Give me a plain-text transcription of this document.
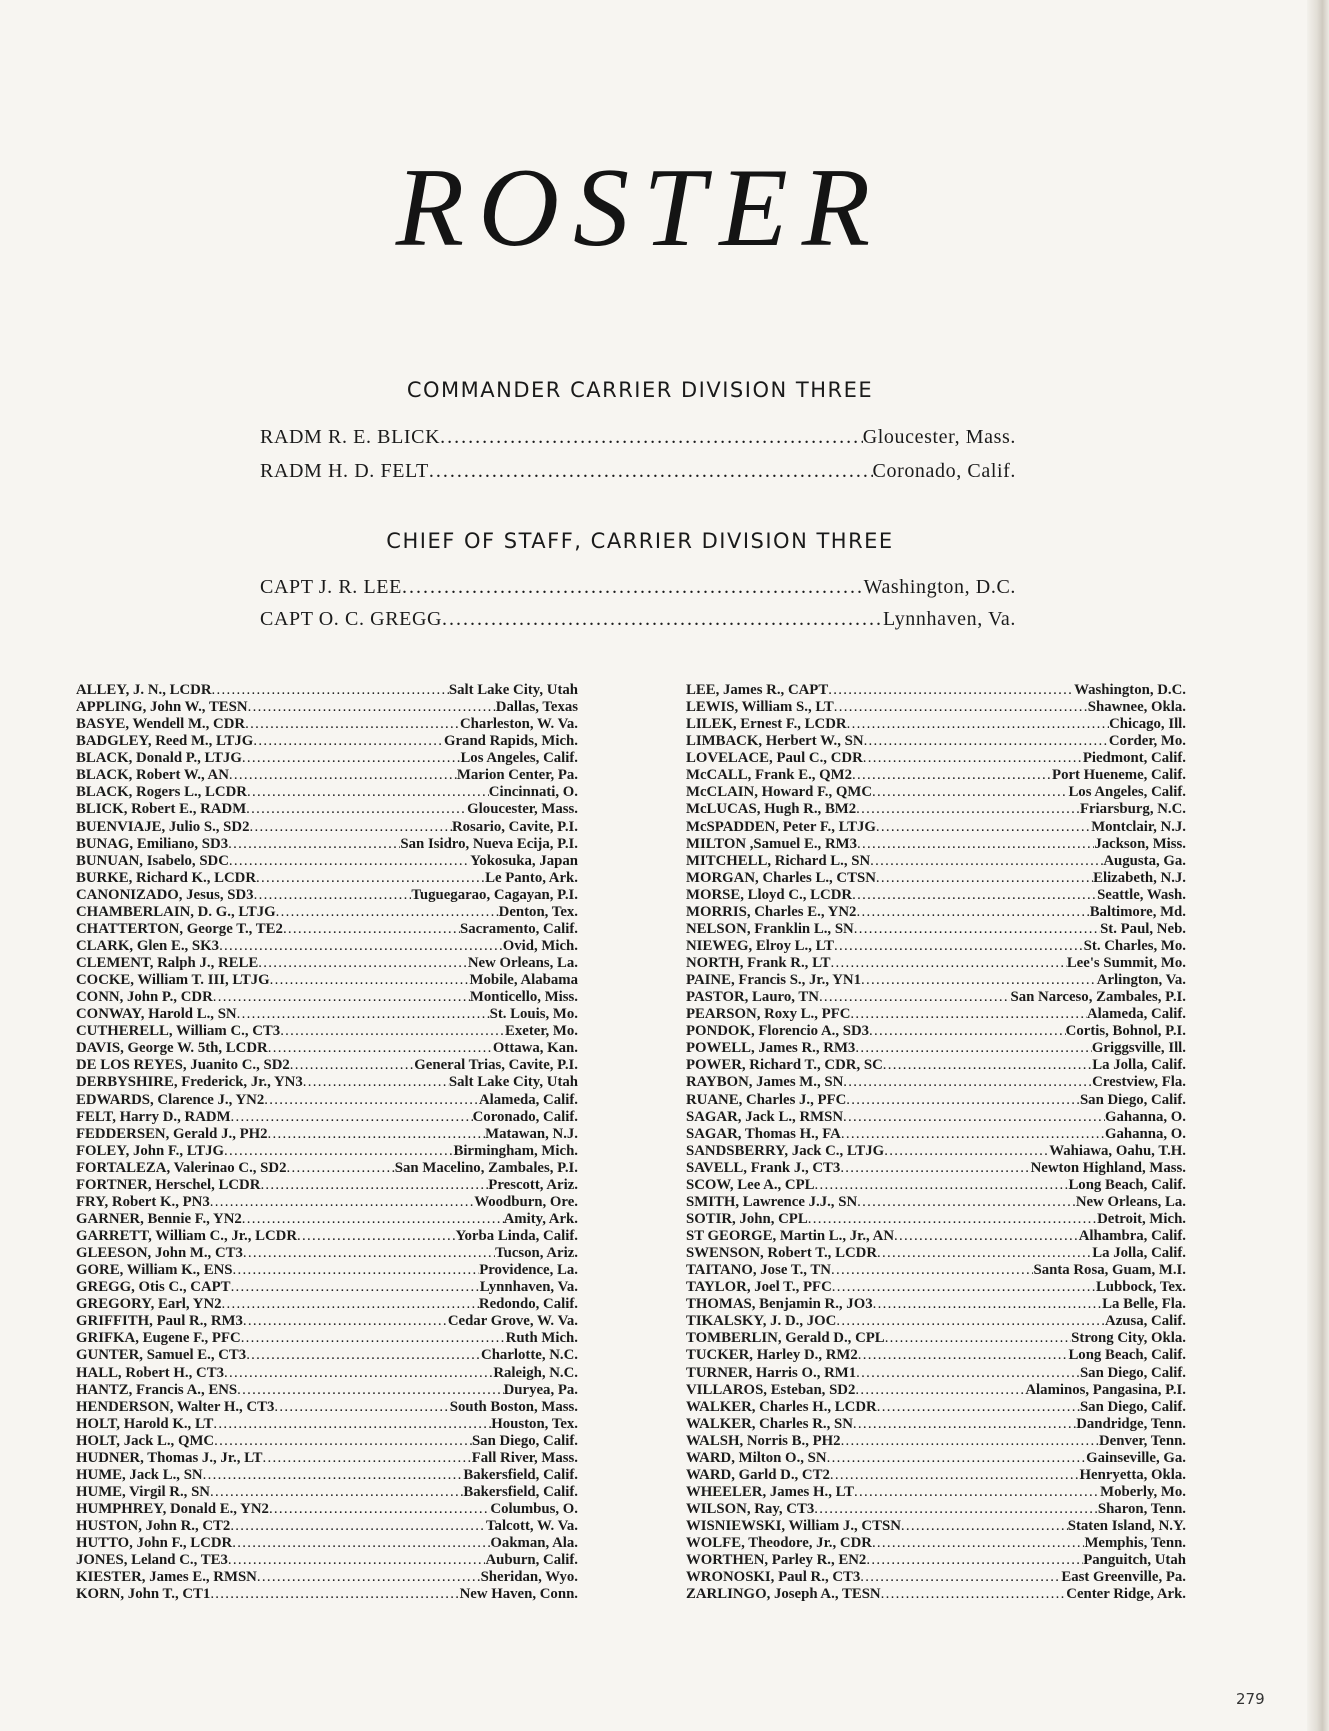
ROSTER
COMMANDER CARRIER DIVISION THREE
RADM R. E. BLICK .....	Gloucester, Mass.
RADM H. D. FELT .....	Coronado, Calif.
CHIEF OF STAFF, CARRIER DIVISION THREE
CAPT J. R. LEE .....	Washington, D.C.
CAPT O. C. GREGG .....	Lynnhaven, Va.
ALLEY, J. N., LCDR .....	Salt Lake City, Utah
APPLING, John W., TESN .....	Dallas, Texas
BASYE, Wendell M., CDR .....	Charleston, W. Va.
BADGLEY, Reed M., LTJG .....	Grand Rapids, Mich.
BLACK, Donald P., LTJG .....	Los Angeles, Calif.
BLACK, Robert W., AN .....	Marion Center, Pa.
BLACK, Rogers L., LCDR .....	Cincinnati, O.
BLICK, Robert E., RADM .....	Gloucester, Mass.
BUENVIAJE, Julio S., SD2 .....	Rosario, Cavite, P.I.
BUNAG, Emiliano, SD3 .....	San Isidro, Nueva Ecija, P.I.
BUNUAN, Isabelo, SDC .....	Yokosuka, Japan
BURKE, Richard K., LCDR .....	Le Panto, Ark.
CANONIZADO, Jesus, SD3 .....	Tuguegarao, Cagayan, P.I.
CHAMBERLAIN, D. G., LTJG .....	Denton, Tex.
CHATTERTON, George T., TE2 .....	Sacramento, Calif.
CLARK, Glen E., SK3 .....	Ovid, Mich.
CLEMENT, Ralph J., RELE .....	New Orleans, La.
COCKE, William T. III, LTJG .....	Mobile, Alabama
CONN, John P., CDR .....	Monticello, Miss.
CONWAY, Harold L., SN .....	St. Louis, Mo.
CUTHERELL, William C., CT3 .....	Exeter, Mo.
DAVIS, George W. 5th, LCDR .....	Ottawa, Kan.
DE LOS REYES, Juanito C., SD2 .....	General Trias, Cavite, P.I.
DERBYSHIRE, Frederick, Jr., YN3 .....	Salt Lake City, Utah
EDWARDS, Clarence J., YN2 .....	Alameda, Calif.
FELT, Harry D., RADM .....	Coronado, Calif.
FEDDERSEN, Gerald J., PH2 .....	Matawan, N.J.
FOLEY, John F., LTJG .....	Birmingham, Mich.
FORTALEZA, Valerinao C., SD2 .....	San Macelino, Zambales, P.I.
FORTNER, Herschel, LCDR .....	Prescott, Ariz.
FRY, Robert K., PN3 .....	Woodburn, Ore.
GARNER, Bennie F., YN2 .....	Amity, Ark.
GARRETT, William C., Jr., LCDR .....	Yorba Linda, Calif.
GLEESON, John M., CT3 .....	Tucson, Ariz.
GORE, William K., ENS .....	Providence, La.
GREGG, Otis C., CAPT .....	Lynnhaven, Va.
GREGORY, Earl, YN2 .....	Redondo, Calif.
GRIFFITH, Paul R., RM3 .....	Cedar Grove, W. Va.
GRIFKA, Eugene F., PFC .....	Ruth Mich.
GUNTER, Samuel E., CT3 .....	Charlotte, N.C.
HALL, Robert H., CT3 .....	Raleigh, N.C.
HANTZ, Francis A., ENS .....	Duryea, Pa.
HENDERSON, Walter H., CT3 .....	South Boston, Mass.
HOLT, Harold K., LT .....	Houston, Tex.
HOLT, Jack L., QMC .....	San Diego, Calif.
HUDNER, Thomas J., Jr., LT .....	Fall River, Mass.
HUME, Jack L., SN .....	Bakersfield, Calif.
HUME, Virgil R., SN .....	Bakersfield, Calif.
HUMPHREY, Donald E., YN2 .....	Columbus, O.
HUSTON, John R., CT2 .....	Talcott, W. Va.
HUTTO, John F., LCDR .....	Oakman, Ala.
JONES, Leland C., TE3 .....	Auburn, Calif.
KIESTER, James E., RMSN .....	Sheridan, Wyo.
KORN, John T., CT1 .....	New Haven, Conn.
LEE, James R., CAPT .....	Washington, D.C.
LEWIS, William S., LT .....	Shawnee, Okla.
LILEK, Ernest F., LCDR .....	Chicago, Ill.
LIMBACK, Herbert W., SN .....	Corder, Mo.
LOVELACE, Paul C., CDR .....	Piedmont, Calif.
McCALL, Frank E., QM2 .....	Port Hueneme, Calif.
McCLAIN, Howard F., QMC .....	Los Angeles, Calif.
McLUCAS, Hugh R., BM2 .....	Friarsburg, N.C.
McSPADDEN, Peter F., LTJG .....	Montclair, N.J.
MILTON ,Samuel E., RM3 .....	Jackson, Miss.
MITCHELL, Richard L., SN .....	Augusta, Ga.
MORGAN, Charles L., CTSN .....	Elizabeth, N.J.
MORSE, Lloyd C., LCDR .....	Seattle, Wash.
MORRIS, Charles E., YN2 .....	Baltimore, Md.
NELSON, Franklin L., SN .....	St. Paul, Neb.
NIEWEG, Elroy L., LT .....	St. Charles, Mo.
NORTH, Frank R., LT .....	Lee's Summit, Mo.
PAINE, Francis S., Jr., YN1 .....	Arlington, Va.
PASTOR, Lauro, TN .....	San Narceso, Zambales, P.I.
PEARSON, Roxy L., PFC .....	Alameda, Calif.
PONDOK, Florencio A., SD3 .....	Cortis, Bohnol, P.I.
POWELL, James R., RM3 .....	Griggsville, Ill.
POWER, Richard T., CDR, SC .....	La Jolla, Calif.
RAYBON, James M., SN .....	Crestview, Fla.
RUANE, Charles J., PFC .....	San Diego, Calif.
SAGAR, Jack L., RMSN .....	Gahanna, O.
SAGAR, Thomas H., FA .....	Gahanna, O.
SANDSBERRY, Jack C., LTJG .....	Wahiawa, Oahu, T.H.
SAVELL, Frank J., CT3 .....	Newton Highland, Mass.
SCOW, Lee A., CPL .....	Long Beach, Calif.
SMITH, Lawrence J.J., SN .....	New Orleans, La.
SOTIR, John, CPL .....	Detroit, Mich.
ST GEORGE, Martin L., Jr., AN .....	Alhambra, Calif.
SWENSON, Robert T., LCDR .....	La Jolla, Calif.
TAITANO, Jose T., TN .....	Santa Rosa, Guam, M.I.
TAYLOR, Joel T., PFC .....	Lubbock, Tex.
THOMAS, Benjamin R., JO3 .....	La Belle, Fla.
TIKALSKY, J. D., JOC .....	Azusa, Calif.
TOMBERLIN, Gerald D., CPL .....	Strong City, Okla.
TUCKER, Harley D., RM2 .....	Long Beach, Calif.
TURNER, Harris O., RM1 .....	San Diego, Calif.
VILLAROS, Esteban, SD2 .....	Alaminos, Pangasina, P.I.
WALKER, Charles H., LCDR .....	San Diego, Calif.
WALKER, Charles R., SN .....	Dandridge, Tenn.
WALSH, Norris B., PH2 .....	Denver, Tenn.
WARD, Milton O., SN .....	Gainseville, Ga.
WARD, Garld D., CT2 .....	Henryetta, Okla.
WHEELER, James H., LT .....	Moberly, Mo.
WILSON, Ray, CT3 .....	Sharon, Tenn.
WISNIEWSKI, William J., CTSN .....	Staten Island, N.Y.
WOLFE, Theodore, Jr., CDR .....	Memphis, Tenn.
WORTHEN, Parley R., EN2 .....	Panguitch, Utah
WRONOSKI, Paul R., CT3 .....	East Greenville, Pa.
ZARLINGO, Joseph A., TESN .....	Center Ridge, Ark.
279
